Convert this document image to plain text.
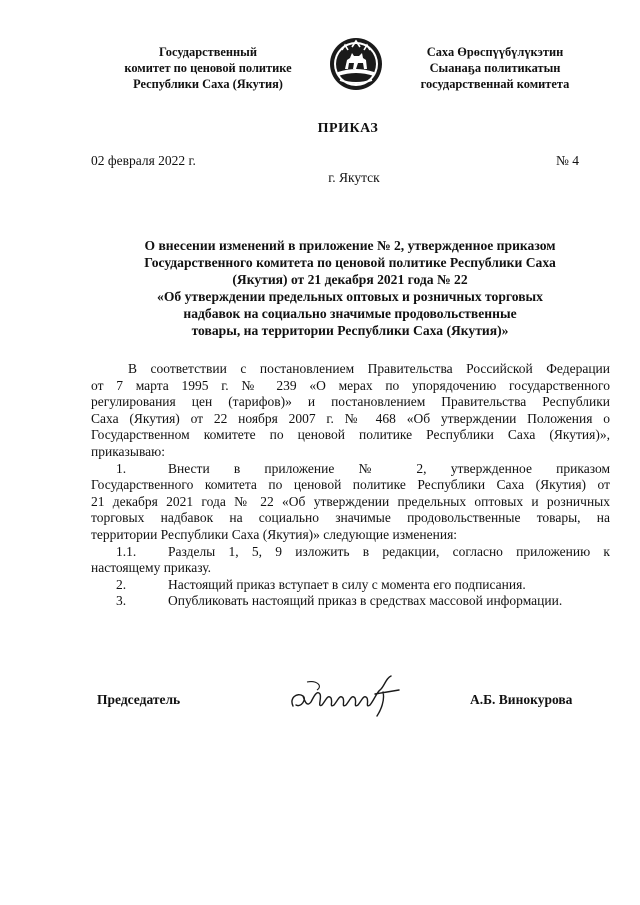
Государственный
комитет по ценовой политике
Республики Саха (Якутия)
Саха Өрөспүүбүлүкэтин
Сыанаҕа политикатын
государственнай комитета
ПРИКАЗ
02 февраля 2022 г.	№ 4
г. Якутск
О внесении изменений в приложение № 2, утвержденное приказом
Государственного комитета по ценовой политике Республики Саха
(Якутия) от 21 декабря 2021 года № 22
«Об утверждении предельных оптовых и розничных торговых
надбавок на социально значимые продовольственные
товары, на территории Республики Саха (Якутия)»
В соответствии с постановлением Правительства Российской Федерации
от 7 марта 1995 г. № 239 «О мерах по упорядочению государственного
регулирования цен (тарифов)» и постановлением Правительства Республики
Саха (Якутия) от 22 ноября 2007 г. № 468 «Об утверждении Положения о
Государственном комитете по ценовой политике Республики Саха (Якутия)»,
приказываю:
1.	Внести в приложение № 2, утвержденное приказом
Государственного комитета по ценовой политике Республики Саха (Якутия) от
21 декабря 2021 года № 22 «Об утверждении предельных оптовых и розничных
торговых надбавок на социально значимые продовольственные товары, на
территории Республики Саха (Якутия)» следующие изменения:
1.1.	Разделы 1, 5, 9 изложить в редакции, согласно приложению к
настоящему приказу.
2.	Настоящий приказ вступает в силу с момента его подписания.
3.	Опубликовать настоящий приказ в средствах массовой информации.
Председатель	А.Б. Винокурова
